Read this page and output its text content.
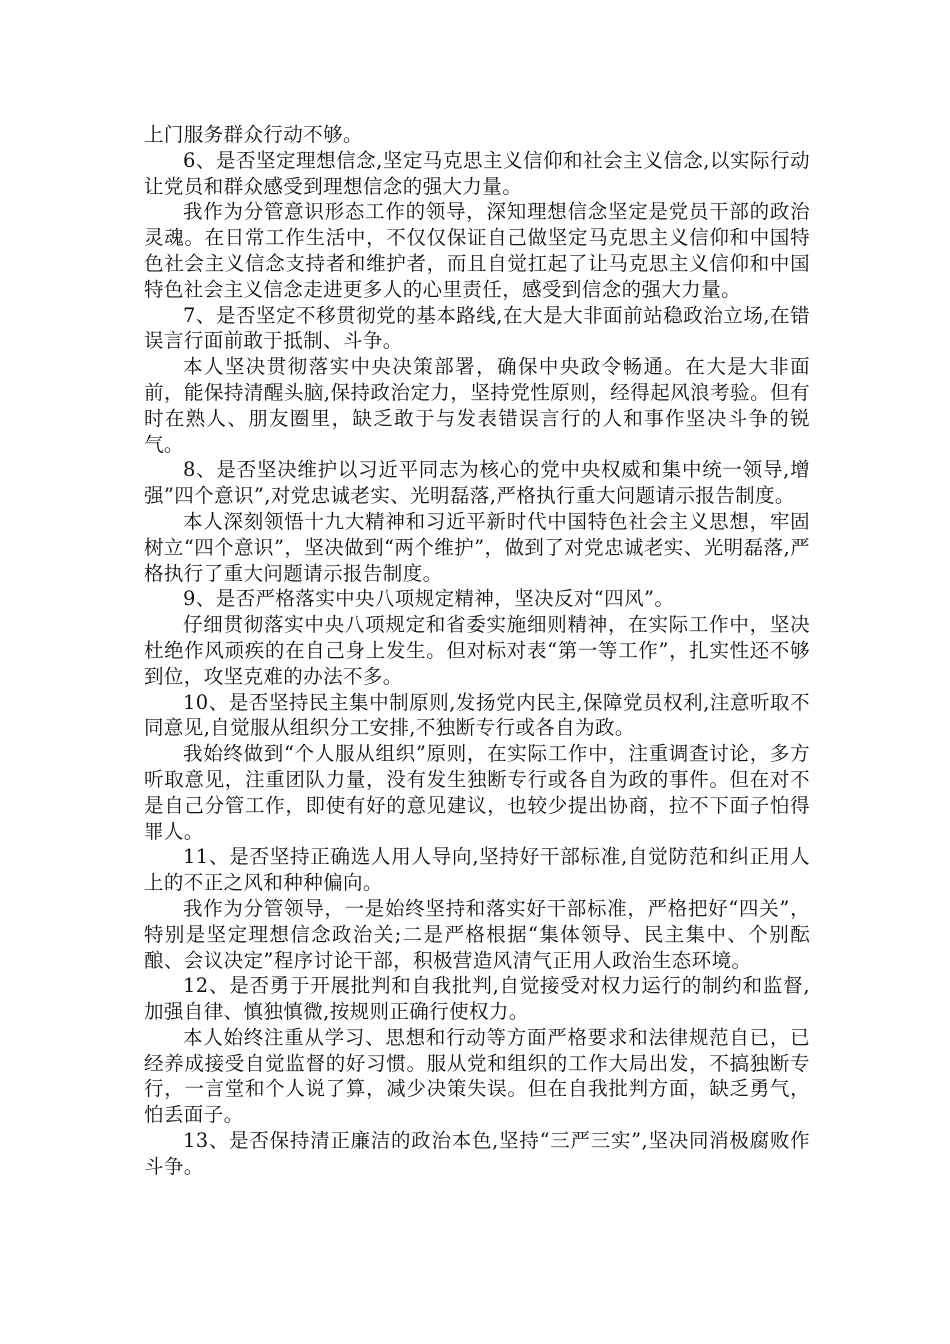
上门服务群众行动不够。

6、是否坚定理想信念,坚定马克思主义信仰和社会主义信念,以实际行动让党员和群众感受到理想信念的强大力量。

我作为分管意识形态工作的领导，深知理想信念坚定是党员干部的政治灵魂。在日常工作生活中，不仅仅保证自己做坚定马克思主义信仰和中国特色社会主义信念支持者和维护者，而且自觉扛起了让马克思主义信仰和中国特色社会主义信念走进更多人的心里责任，感受到信念的强大力量。

7、是否坚定不移贯彻党的基本路线,在大是大非面前站稳政治立场,在错误言行面前敢于抵制、斗争。

本人坚决贯彻落实中央决策部署，确保中央政令畅通。在大是大非面前，能保持清醒头脑,保持政治定力，坚持党性原则，经得起风浪考验。但有时在熟人、朋友圈里，缺乏敢于与发表错误言行的人和事作坚决斗争的锐气。

8、是否坚决维护以习近平同志为核心的党中央权威和集中统一领导,增强”四个意识”,对党忠诚老实、光明磊落,严格执行重大问题请示报告制度。

本人深刻领悟十九大精神和习近平新时代中国特色社会主义思想，牢固树立“四个意识”，坚决做到“两个维护”，做到了对党忠诚老实、光明磊落,严格执行了重大问题请示报告制度。

9、是否严格落实中央八项规定精神，坚决反对“四风”。

仔细贯彻落实中央八项规定和省委实施细则精神，在实际工作中，坚决杜绝作风顽疾的在自己身上发生。但对标对表“第一等工作”，扎实性还不够到位，攻坚克难的办法不多。

10、是否坚持民主集中制原则,发扬党内民主,保障党员权利,注意听取不同意见,自觉服从组织分工安排,不独断专行或各自为政。

我始终做到“个人服从组织”原则，在实际工作中，注重调查讨论，多方听取意见，注重团队力量，没有发生独断专行或各自为政的事件。但在对不是自己分管工作，即使有好的意见建议，也较少提出协商，拉不下面子怕得罪人。

11、是否坚持正确选人用人导向,坚持好干部标准,自觉防范和纠正用人上的不正之风和种种偏向。

我作为分管领导，一是始终坚持和落实好干部标准，严格把好“四关”，特别是坚定理想信念政治关;二是严格根据“集体领导、民主集中、个别酝酿、会议决定”程序讨论干部，积极营造风清气正用人政治生态环境。

12、是否勇于开展批判和自我批判,自觉接受对权力运行的制约和监督,加强自律、慎独慎微,按规则正确行使权力。

本人始终注重从学习、思想和行动等方面严格要求和法律规范自已，已经养成接受自觉监督的好习惯。服从党和组织的工作大局出发，不搞独断专行，一言堂和个人说了算，减少决策失误。但在自我批判方面，缺乏勇气，怕丢面子。

13、是否保持清正廉洁的政治本色,坚持“三严三实”,坚决同消极腐败作斗争。
